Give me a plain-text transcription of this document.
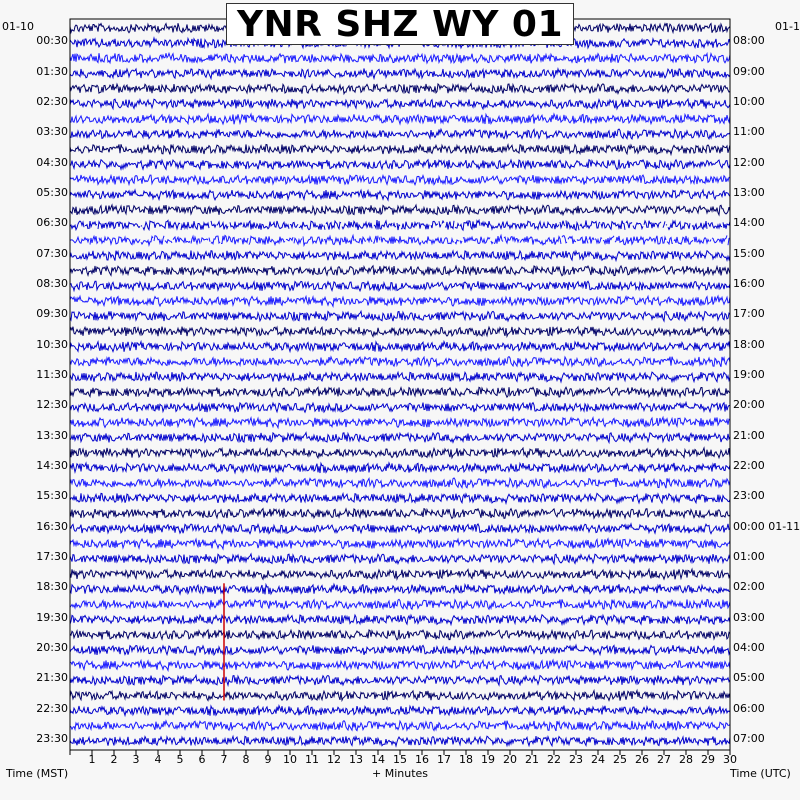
YNR SHZ WY 01
01-10	01-1
00:30
01:30
02:30
03:30
04:30
05:30
06:30
07:30
08:30
09:30
10:30
11:30
12:30
13:30
14:30
15:30
16:30
17:30
18:30
19:30
20:30
21:30
22:30
23:30
08:00
09:00
10:00
11:00
12:00
13:00
14:00
15:00
16:00
17:00
18:00
19:00
20:00
21:00
22:00
23:00
00:00 01-11
01:00
02:00
03:00
04:00
05:00
06:00
07:00
1 2 3 4 5 6 7 8 9 10 11 12 13 14 15 16 17 18 19 20 21 22 23 24 25 26 27 28 29 30
Time (MST)	+ Minutes	Time (UTC)
